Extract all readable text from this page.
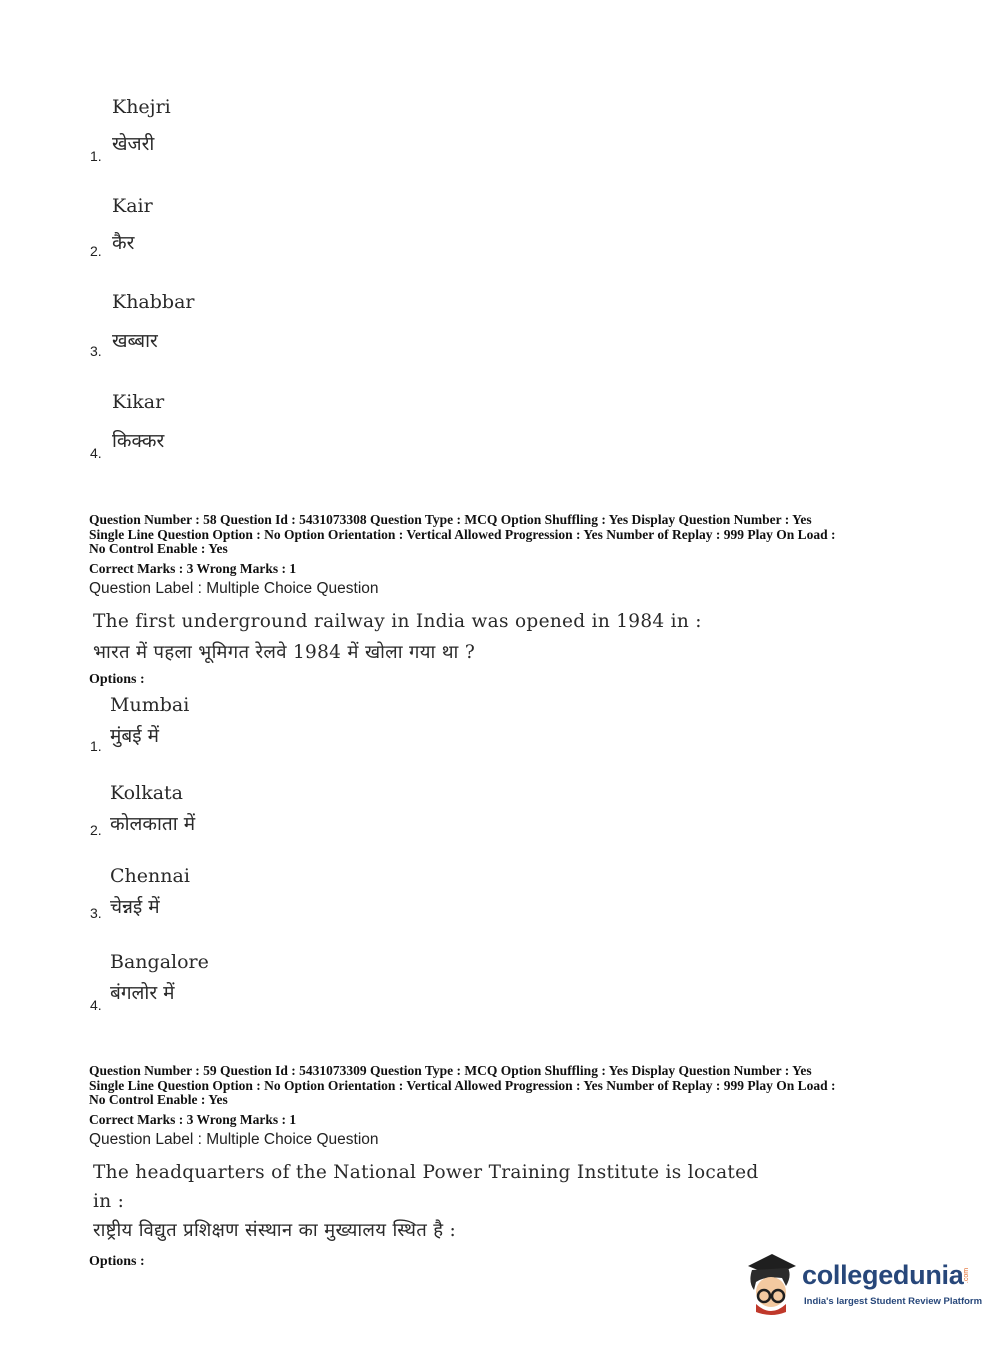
Khejri
खेजरी
1.
Kair
कैर
2.
Khabbar
खब्बार
3.
Kikar
किक्कर
4.
Question Number : 58 Question Id : 5431073308 Question Type : MCQ Option Shuffling : Yes Display Question Number : Yes
Single Line Question Option : No Option Orientation : Vertical Allowed Progression : Yes Number of Replay : 999 Play On Load :
No Control Enable : Yes
Correct Marks : 3 Wrong Marks : 1
Question Label : Multiple Choice Question
The first underground railway in India was opened in 1984 in :
भारत में पहला भूमिगत रेलवे 1984 में खोला गया था ?
Options :
Mumbai
मुंबई में
1.
Kolkata
कोलकाता में
2.
Chennai
चेन्नई में
3.
Bangalore
बंगलोर में
4.
Question Number : 59 Question Id : 5431073309 Question Type : MCQ Option Shuffling : Yes Display Question Number : Yes
Single Line Question Option : No Option Orientation : Vertical Allowed Progression : Yes Number of Replay : 999 Play On Load :
No Control Enable : Yes
Correct Marks : 3 Wrong Marks : 1
Question Label : Multiple Choice Question
The headquarters of the National Power Training Institute is located
in :
राष्ट्रीय विद्युत प्रशिक्षण संस्थान का मुख्यालय स्थित है :
Options :	collegedunia .com
India's largest Student Review Platform
